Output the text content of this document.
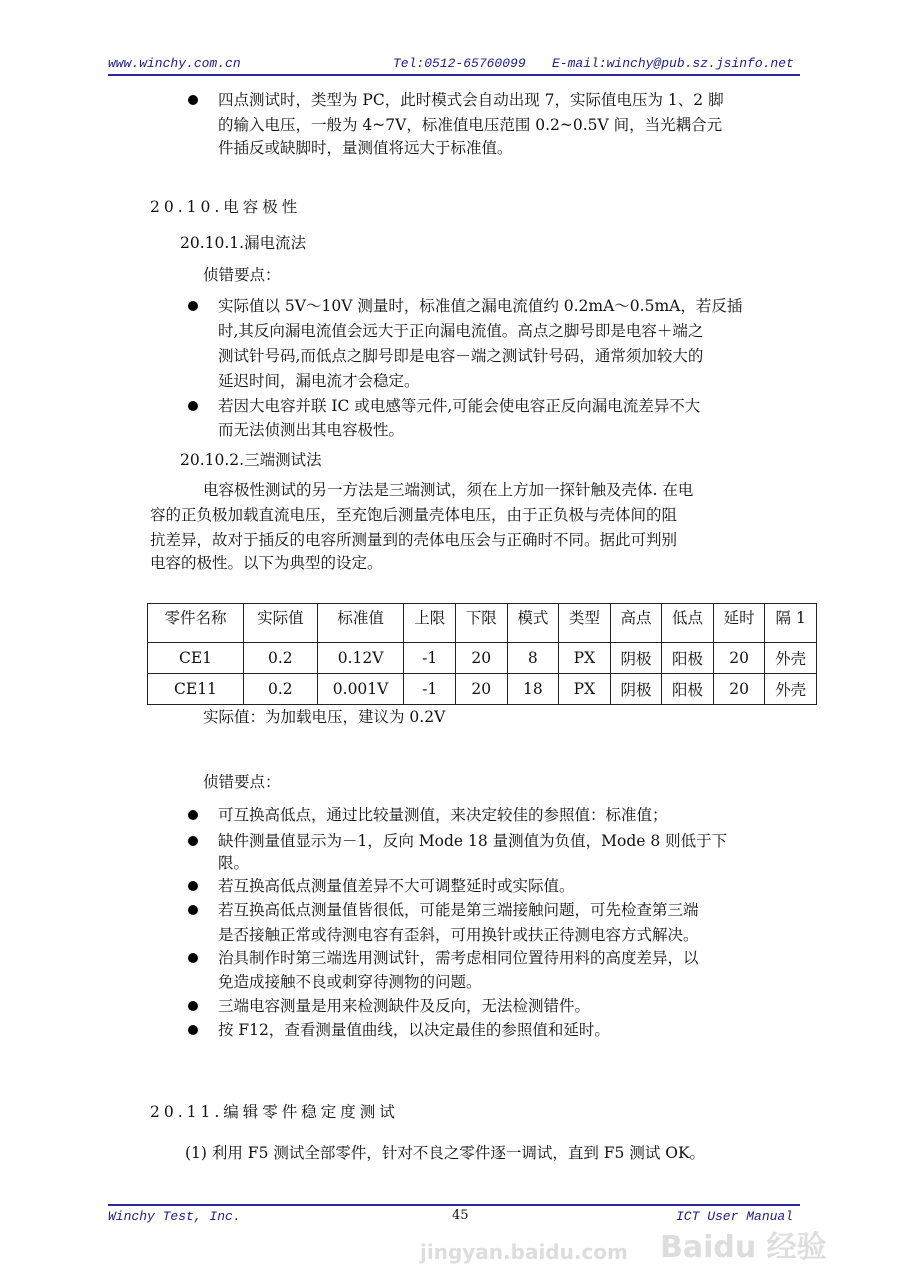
www.winchy.com.cn	Tel:0512-65760099 E-mail:winchy@pub.sz.jsinfo.net
四点测试时，类型为 PC，此时模式会自动出现 7，实际值电压为 1、2 脚
的输入电压，一般为 4~7V，标准值电压范围 0.2~0.5V 间，当光耦合元
件插反或缺脚时，量测值将远大于标准值。
20.10.电容极性
20.10.1.漏电流法
侦错要点：
实际值以 5V～10V 测量时，标准值之漏电流值约 0.2mA～0.5mA，若反插
时,其反向漏电流值会远大于正向漏电流值。高点之脚号即是电容＋端之
测试针号码,而低点之脚号即是电容－端之测试针号码，通常须加较大的
延迟时间，漏电流才会稳定。
若因大电容并联 IC 或电感等元件,可能会使电容正反向漏电流差异不大
而无法侦测出其电容极性。
20.10.2.三端测试法
电容极性测试的另一方法是三端测试，须在上方加一探针触及壳体. 在电
容的正负极加载直流电压，至充饱后测量壳体电压，由于正负极与壳体间的阻
抗差异，故对于插反的电容所测量到的壳体电压会与正确时不同。据此可判别
电容的极性。以下为典型的设定。
零件名称	实际值	标准值	上限	下限	模式	类型	高点	低点	延时	隔 1
CE1	0.2	0.12V	-1	20	8	PX	阴极	阳极	20	外壳
CE11	0.2	0.001V	-1	20	18	PX	阴极	阳极	20	外壳
实际值：为加载电压，建议为 0.2V
侦错要点：
可互换高低点，通过比较量测值，来决定较佳的参照值：标准值；
缺件测量值显示为－1，反向 Mode 18 量测值为负值，Mode 8 则低于下
限。
若互换高低点测量值差异不大可调整延时或实际值。
若互换高低点测量值皆很低，可能是第三端接触问题，可先检查第三端
是否接触正常或待测电容有歪斜，可用换针或扶正待测电容方式解决。
治具制作时第三端选用测试针，需考虑相同位置待用料的高度差异，以
免造成接触不良或刺穿待测物的问题。
三端电容测量是用来检测缺件及反向，无法检测错件。
按 F12，查看测量值曲线，以决定最佳的参照值和延时。
20.11.编辑零件稳定度测试
(1) 利用 F5 测试全部零件，针对不良之零件逐一调试，直到 F5 测试 OK。
Winchy Test, Inc.	45	ICT User Manual
Baidu 经验
jingyan.baidu.com
